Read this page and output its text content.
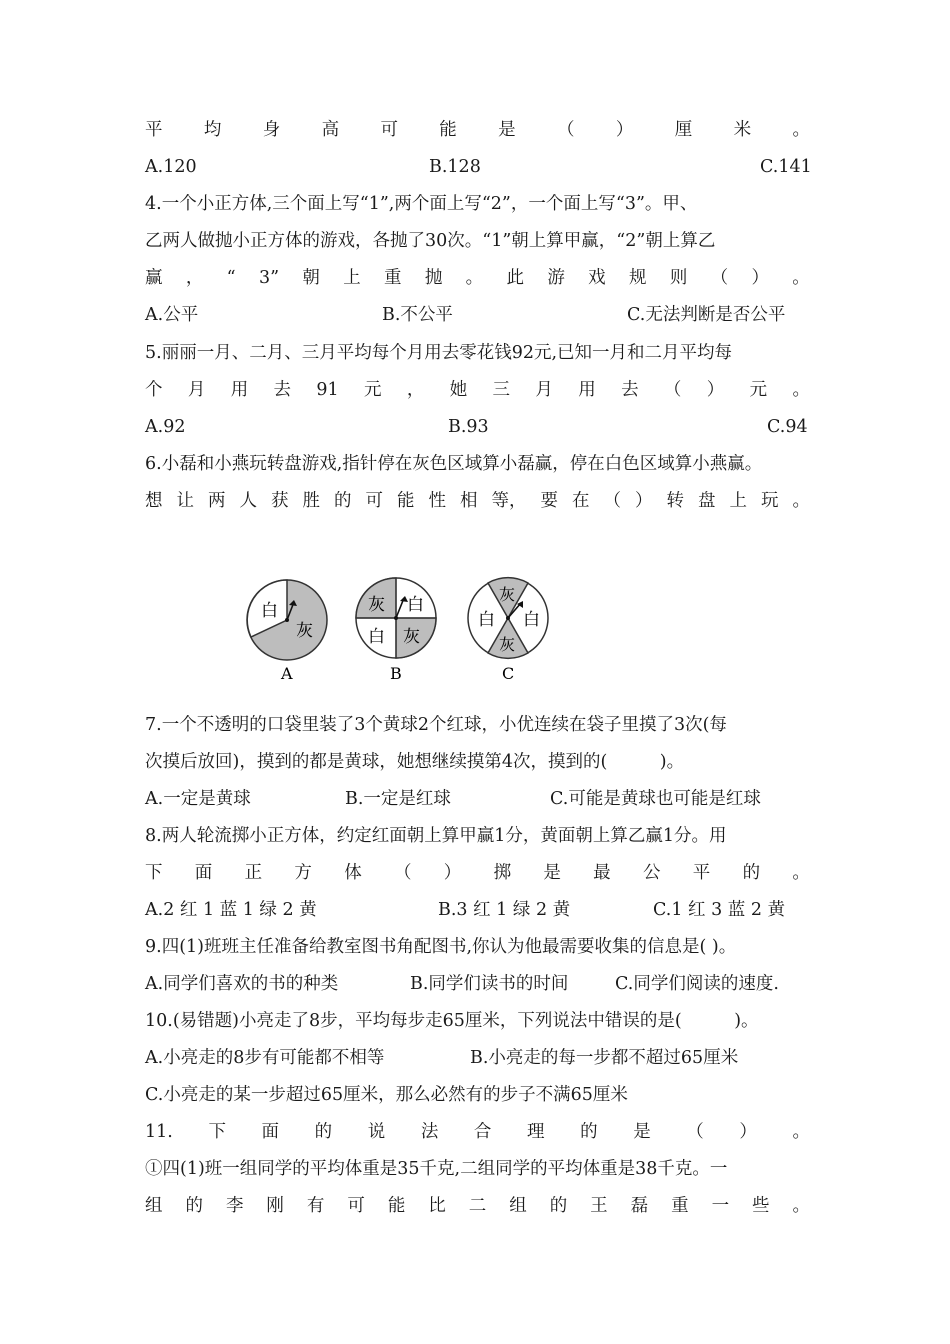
平 均 身 高 可 能 是 （ ） 厘 米 。
A.120	B.128	C.141
4.一个小正方体,三个面上写“1”,两个面上写“2”，一个面上写“3”。甲、
乙两人做抛小正方体的游戏，各抛了30次。“1”朝上算甲赢，“2”朝上算乙
赢 ， “ 3” 朝 上 重 抛 。 此 游 戏 规 则 （ ） 。
A.公平	B.不公平	C.无法判断是否公平
5.丽丽一月、二月、三月平均每个月用去零花钱92元,已知一月和二月平均每
个 月 用 去 91 元 ， 她 三 月 用 去 （ ） 元 。
A.92	B.93	C.94
6.小磊和小燕玩转盘游戏,指针停在灰色区域算小磊赢，停在白色区域算小燕赢。
想 让 两 人 获 胜 的 可 能 性 相 等， 要 在 （ ） 转 盘 上 玩 。
白
灰
A
灰 白
白 灰
B
灰
白 白
灰
C
7.一个不透明的口袋里装了3个黄球2个红球，小优连续在袋子里摸了3次(每
次摸后放回)，摸到的都是黄球，她想继续摸第4次，摸到的(　　　)。
A.一定是黄球	B.一定是红球	C.可能是黄球也可能是红球
8.两人轮流掷小正方体，约定红面朝上算甲赢1分，黄面朝上算乙赢1分。用
下 面 正 方 体 （ ） 掷 是 最 公 平 的 。
A.2 红 1 蓝 1 绿 2 黄	B.3 红 1 绿 2 黄	C.1 红 3 蓝 2 黄
9.四(1)班班主任准备给教室图书角配图书,你认为他最需要收集的信息是( )。
A.同学们喜欢的书的种类	B.同学们读书的时间	C.同学们阅读的速度.
10.(易错题)小亮走了8步，平均每步走65厘米，下列说法中错误的是(　　　)。
A.小亮走的8步有可能都不相等	B.小亮走的每一步都不超过65厘米
C.小亮走的某一步超过65厘米，那么必然有的步子不满65厘米
11. 下 面 的 说 法 合 理 的 是 （ ） 。
①四(1)班一组同学的平均体重是35千克,二组同学的平均体重是38千克。一
组 的 李 刚 有 可 能 比 二 组 的 王 磊 重 一 些 。
